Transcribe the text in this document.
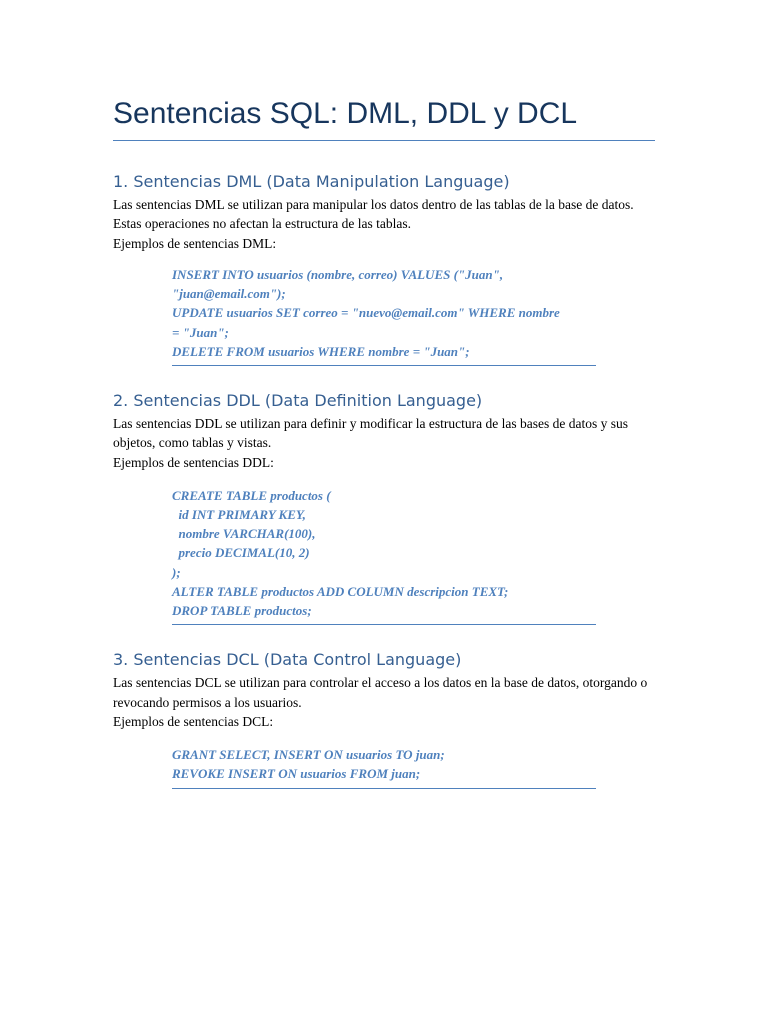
Sentencias SQL: DML, DDL y DCL
1. Sentencias DML (Data Manipulation Language)

Las sentencias DML se utilizan para manipular los datos dentro de las tablas de la base de datos. Estas operaciones no afectan la estructura de las tablas.

Ejemplos de sentencias DML:

INSERT INTO usuarios (nombre, correo) VALUES ("Juan",

"juan@email.com");

UPDATE usuarios SET correo = "nuevo@email.com" WHERE nombre

= "Juan";

DELETE FROM usuarios WHERE nombre = "Juan";

2. Sentencias DDL (Data Definition Language)

Las sentencias DDL se utilizan para definir y modificar la estructura de las bases de datos y sus objetos, como tablas y vistas.

Ejemplos de sentencias DDL:

CREATE TABLE productos (

id INT PRIMARY KEY,

nombre VARCHAR(100),

precio DECIMAL(10, 2)

);

ALTER TABLE productos ADD COLUMN descripcion TEXT;

DROP TABLE productos;

3. Sentencias DCL (Data Control Language)

Las sentencias DCL se utilizan para controlar el acceso a los datos en la base de datos, otorgando o revocando permisos a los usuarios.

Ejemplos de sentencias DCL:

GRANT SELECT, INSERT ON usuarios TO juan;

REVOKE INSERT ON usuarios FROM juan;
